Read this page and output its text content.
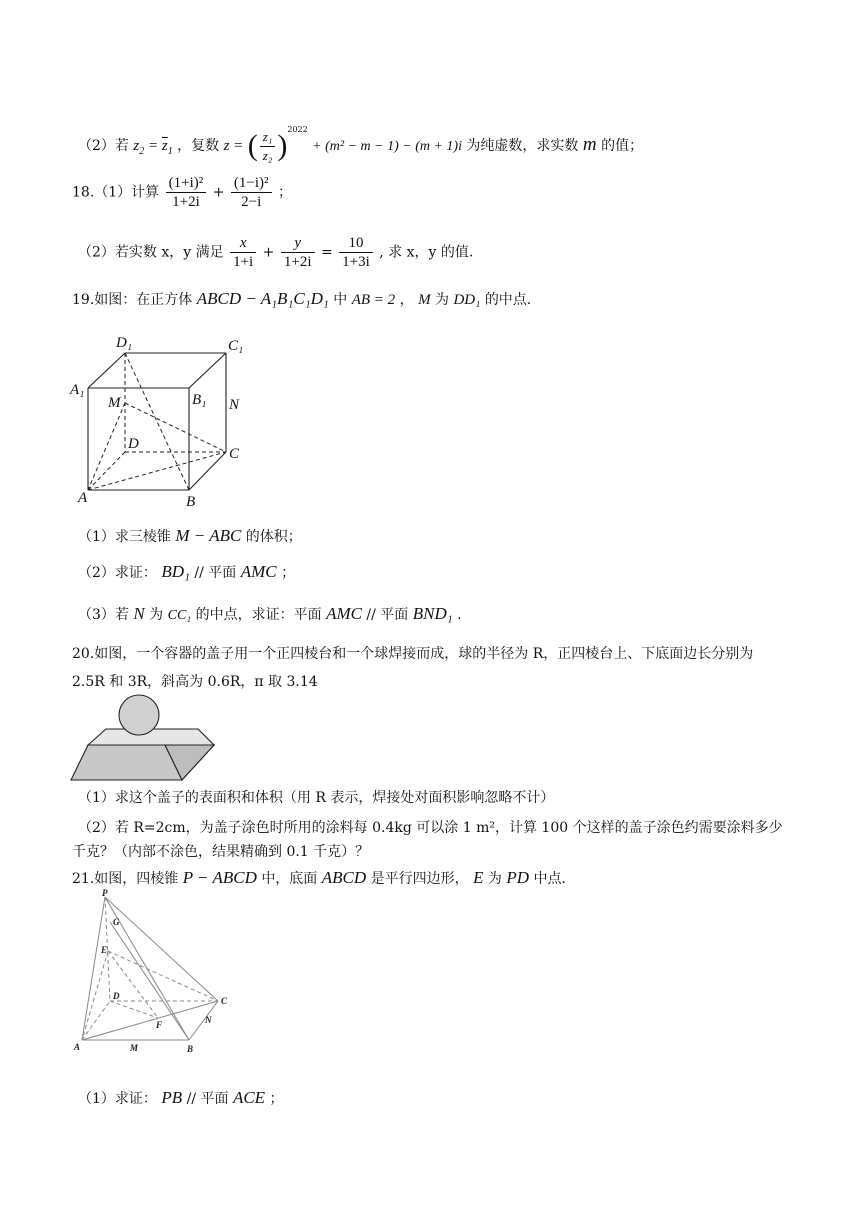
（2）若 $z_2 = \overline{z}_1$ ，复数 z = ( $\frac{\text{z₁}}{\text{z₂}} )^{2022} + (m^2 - m - 1) - (m + 1)i$ 为纯虚数，求实数 m 的值；
18.（1）计算 $\frac{\text{(1+i)²}}{1+2i} + \frac{\text{(1−i)²}}{2-i}$ ；
（2）若实数 x，y 满足 $\frac{x}{1+i} + \frac{y}{1+2i} = \frac{10}{1+3i}$ , 求 x，y 的值.
19.如图：在正方体 ABCD − A₁B₁C₁D₁ 中 AB = 2 ， M 为 DD₁ 的中点.
D₁	C₁
A₁
B₁
M	N
D
C
A	B
（1）求三棱锥 M − ABC 的体积；
（2）求证： BD₁ // 平面 AMC ；
（3）若 N 为 CC₁ 的中点，求证：平面 AMC // 平面 BND₁ .
20.如图，一个容器的盖子用一个正四棱台和一个球焊接而成，球的半径为 R，正四棱台上、下底面边长分别为
2.5R 和 3R，斜高为 0.6R，π 取 3.14
（1）求这个盖子的表面积和体积（用 R 表示，焊接处对面积影响忽略不计）
（2）若 R=2cm，为盖子涂色时所用的涂料每 0.4kg 可以涂 1 m²，计算 100 个这样的盖子涂色约需要涂料多少
千克？（内部不涂色，结果精确到 0.1 千克）？
21.如图，四棱锥 P − ABCD 中，底面 ABCD 是平行四边形， E 为 PD 中点.
P
G
E
D	C
F	N
A	M	B
（1）求证： PB // 平面 ACE ；
